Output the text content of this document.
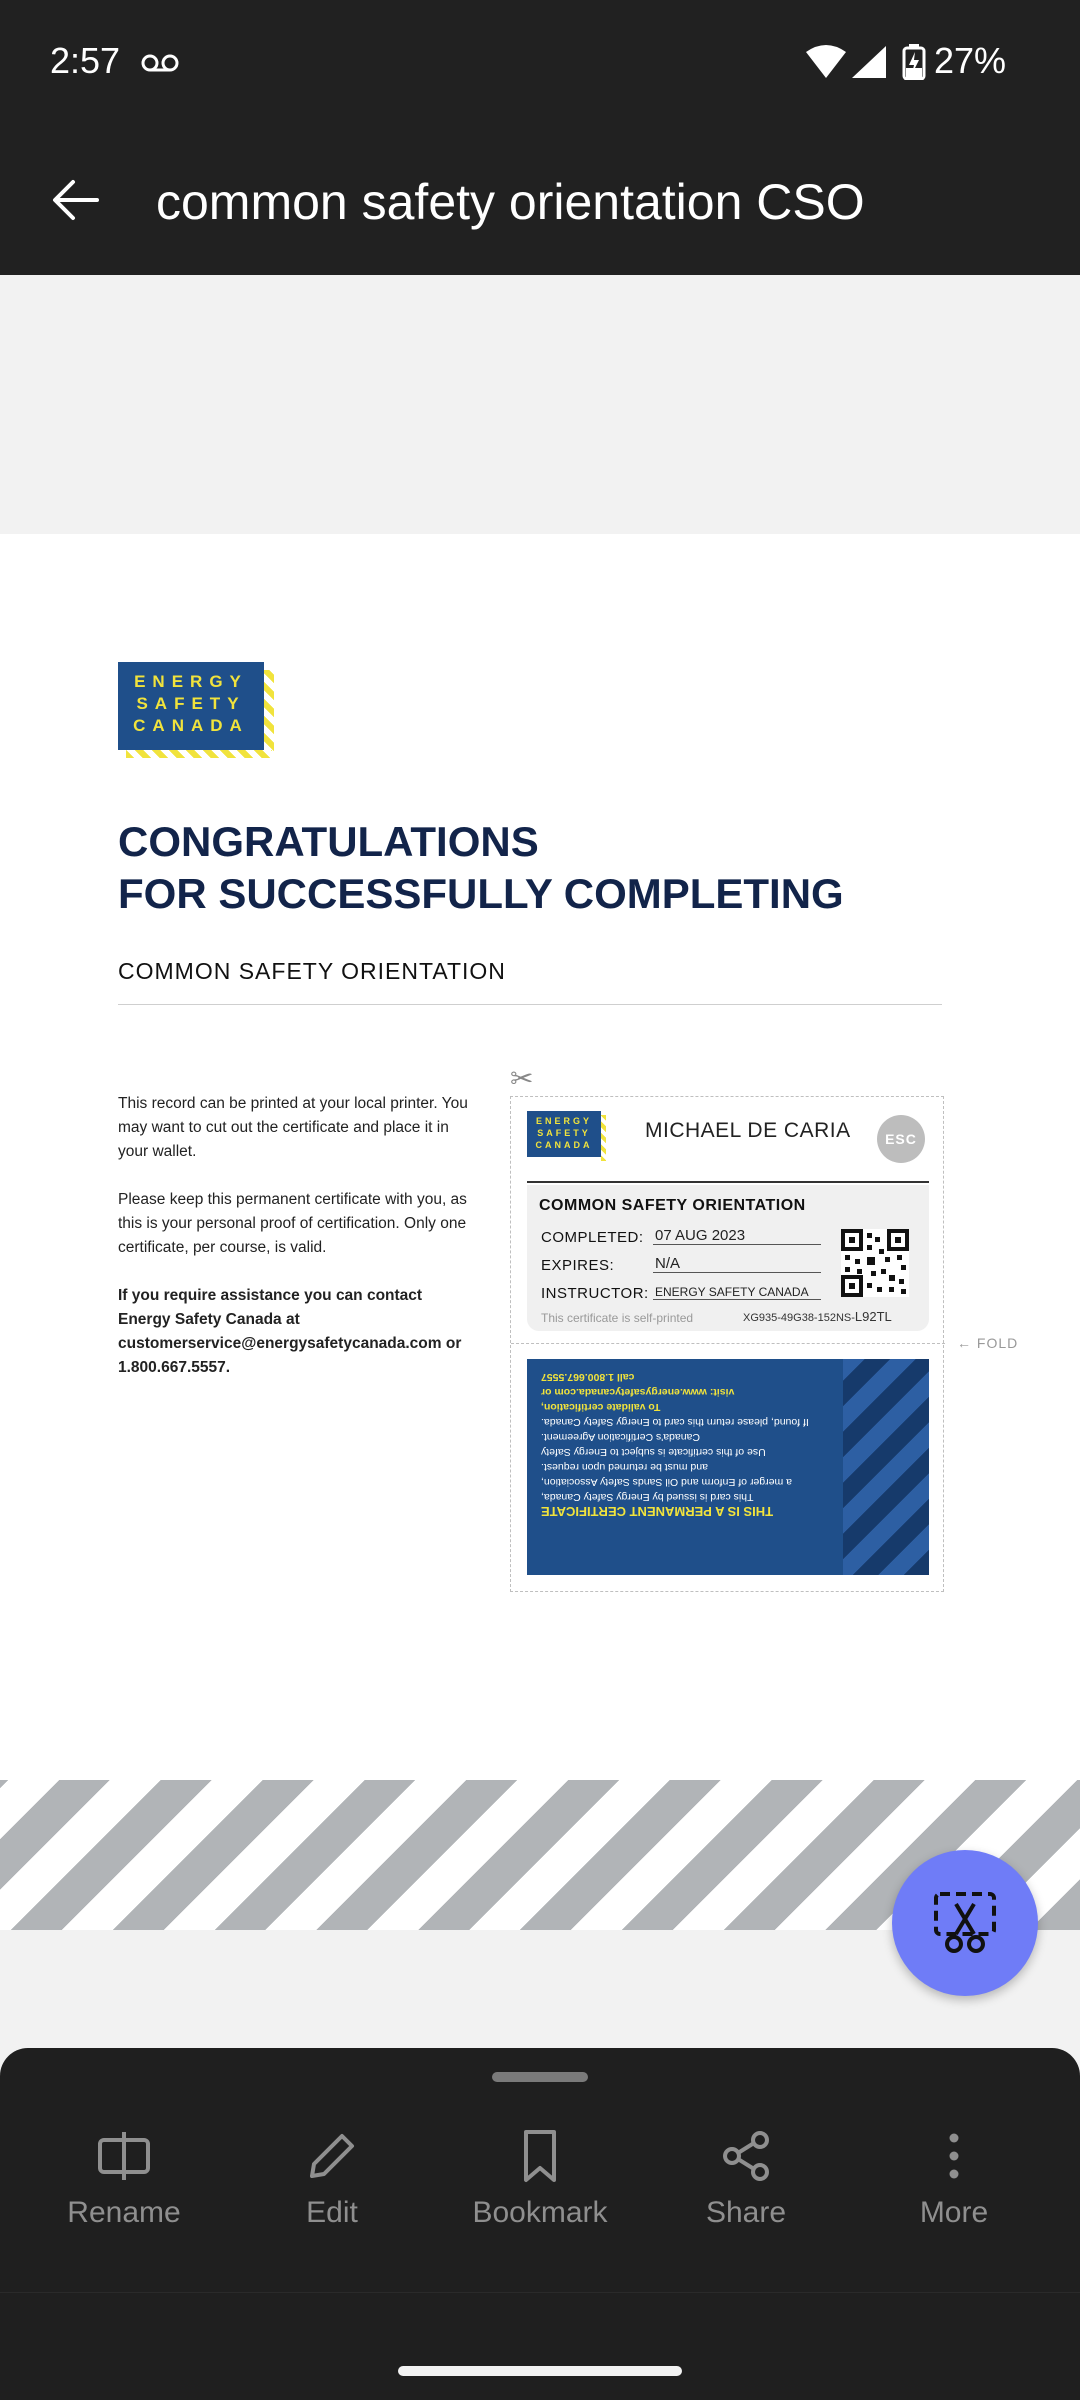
2:57	27%
common safety orientation CSO
ENERGY
SAFETY
CANADA
CONGRATULATIONS
FOR SUCCESSFULLY COMPLETING
COMMON SAFETY ORIENTATION

This record can be printed at your local printer. You may want to cut out the certificate and place it in your wallet.

Please keep this permanent certificate with you, as this is your personal proof of certification. Only one certificate, per course, is valid.

If you require assistance you can contact Energy Safety Canada at customerservice@energysafetycanada.com or 1.800.667.5557.

✂
ENERGY
SAFETY
CANADA
MICHAEL DE CARIA	ESC
COMMON SAFETY ORIENTATION
COMPLETED: 07 AUG 2023
EXPIRES:	N/A
INSTRUCTOR: ENERGY SAFETY CANADA
This certificate is self-printed	XG935-49G38-152NS-L92TL
← FOLD
THIS IS A PERMANENT CERTIFICATE
This card is issued by Energy Safety Canada,
a merger of Enform and Oil Sands Safety Association,
and must be returned upon request.
Use of this certificate is subject to Energy Safety
Canada's Certification Agreement.
If found, please return this card to Energy Safety Canada.
To validate certification,
visit: www.energysafetycanada.com or
call 1.800.667.5557
Rename	Edit	Bookmark	Share	More
